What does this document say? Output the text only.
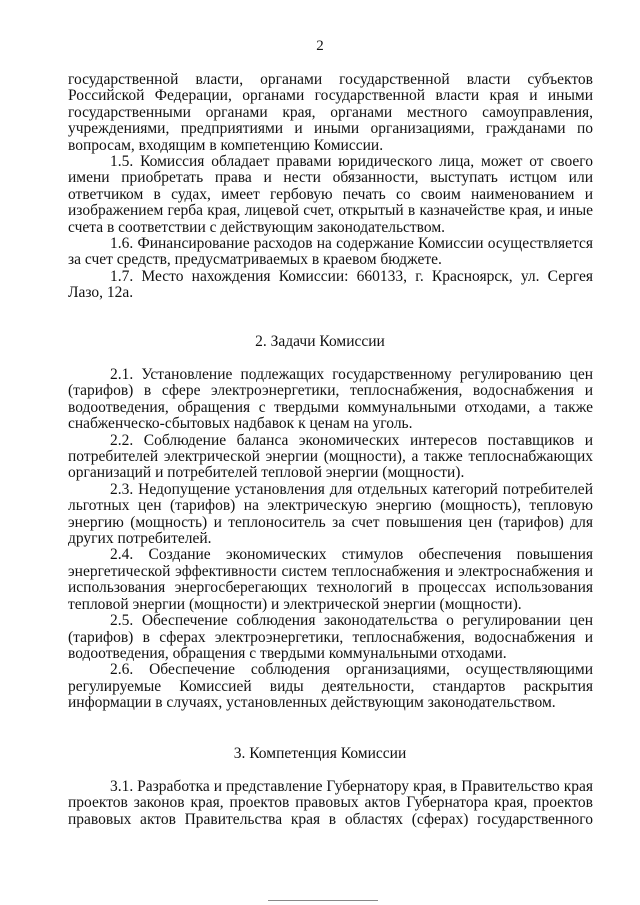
2

государственной власти, органами государственной власти субъектов Российской Федерации, органами государственной власти края и иными государственными органами края, органами местного самоуправления, учреждениями, предприятиями и иными организациями, гражданами по вопросам, входящим в компетенцию Комиссии.

1.5. Комиссия обладает правами юридического лица, может от своего имени приобретать права и нести обязанности, выступать истцом или ответчиком в судах, имеет гербовую печать со своим наименованием и изображением герба края, лицевой счет, открытый в казначействе края, и иные счета в соответствии с действующим законодательством.

1.6. Финансирование расходов на содержание Комиссии осуществляется за счет средств, предусматриваемых в краевом бюджете.

1.7. Место нахождения Комиссии: 660133, г. Красноярск, ул. Сергея Лазо, 12а.

2. Задачи Комиссии

2.1. Установление подлежащих государственному регулированию цен (тарифов) в сфере электроэнергетики, теплоснабжения, водоснабжения и водоотведения, обращения с твердыми коммунальными отходами, а также снабженческо-сбытовых надбавок к ценам на уголь.

2.2. Соблюдение баланса экономических интересов поставщиков и потребителей электрической энергии (мощности), а также теплоснабжающих организаций и потребителей тепловой энергии (мощности).

2.3. Недопущение установления для отдельных категорий потребителей льготных цен (тарифов) на электрическую энергию (мощность), тепловую энергию (мощность) и теплоноситель за счет повышения цен (тарифов) для других потребителей.

2.4. Создание экономических стимулов обеспечения повышения энергетической эффективности систем теплоснабжения и электроснабжения и использования энергосберегающих технологий в процессах использования тепловой энергии (мощности) и электрической энергии (мощности).

2.5. Обеспечение соблюдения законодательства о регулировании цен (тарифов) в сферах электроэнергетики, теплоснабжения, водоснабжения и водоотведения, обращения с твердыми коммунальными отходами.

2.6. Обеспечение соблюдения организациями, осуществляющими регулируемые Комиссией виды деятельности, стандартов раскрытия информации в случаях, установленных действующим законодательством.

3. Компетенция Комиссии

3.1. Разработка и представление Губернатору края, в Правительство края проектов законов края, проектов правовых актов Губернатора края, проектов правовых актов Правительства края в областях (сферах) государственного
